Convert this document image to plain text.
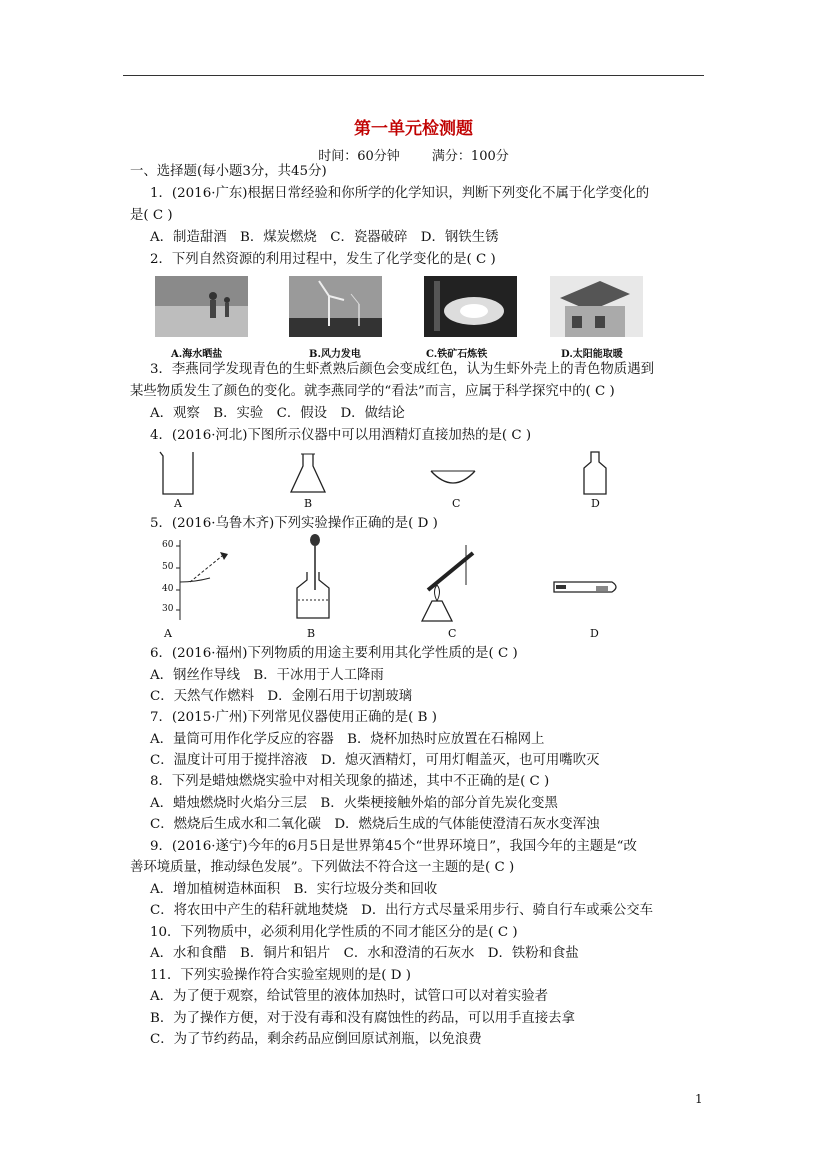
第一单元检测题
时间：60分钟 满分：100分
一、选择题(每小题3分，共45分)
1．(2016·广东)根据日常经验和你所学的化学知识，判断下列变化不属于化学变化的
是( C )
A．制造甜酒　B．煤炭燃烧　C．瓷器破碎　D．钢铁生锈
2．下列自然资源的利用过程中，发生了化学变化的是( C )
A.海水晒盐	B.风力发电	C.铁矿石炼铁	D.太阳能取暖
3．李燕同学发现青色的生虾煮熟后颜色会变成红色，认为生虾外壳上的青色物质遇到
某些物质发生了颜色的变化。就李燕同学的“看法”而言，应属于科学探究中的( C )
A．观察　B．实验　C．假设　D．做结论
4．(2016·河北)下图所示仪器中可以用酒精灯直接加热的是( C )
A	B	C	D
5．(2016·乌鲁木齐)下列实验操作正确的是( D )
60
50
40
30
A	B	C	D
6．(2016·福州)下列物质的用途主要利用其化学性质的是( C )
A．钢丝作导线　B．干冰用于人工降雨
C．天然气作燃料　D．金刚石用于切割玻璃
7．(2015·广州)下列常见仪器使用正确的是( B )
A．量筒可用作化学反应的容器　B．烧杯加热时应放置在石棉网上
C．温度计可用于搅拌溶液　D．熄灭酒精灯，可用灯帽盖灭，也可用嘴吹灭
8．下列是蜡烛燃烧实验中对相关现象的描述，其中不正确的是( C )
A．蜡烛燃烧时火焰分三层　B．火柴梗接触外焰的部分首先炭化变黑
C．燃烧后生成水和二氧化碳　D．燃烧后生成的气体能使澄清石灰水变浑浊
9．(2016·遂宁)今年的6月5日是世界第45个“世界环境日”，我国今年的主题是“改
善环境质量，推动绿色发展”。下列做法不符合这一主题的是( C )
A．增加植树造林面积　B．实行垃圾分类和回收
C．将农田中产生的秸秆就地焚烧　D．出行方式尽量采用步行、骑自行车或乘公交车
10．下列物质中，必须利用化学性质的不同才能区分的是( C )
A．水和食醋　B．铜片和铝片　C．水和澄清的石灰水　D．铁粉和食盐
11．下列实验操作符合实验室规则的是( D )
A．为了便于观察，给试管里的液体加热时，试管口可以对着实验者
B．为了操作方便，对于没有毒和没有腐蚀性的药品，可以用手直接去拿
C．为了节约药品，剩余药品应倒回原试剂瓶，以免浪费
1
